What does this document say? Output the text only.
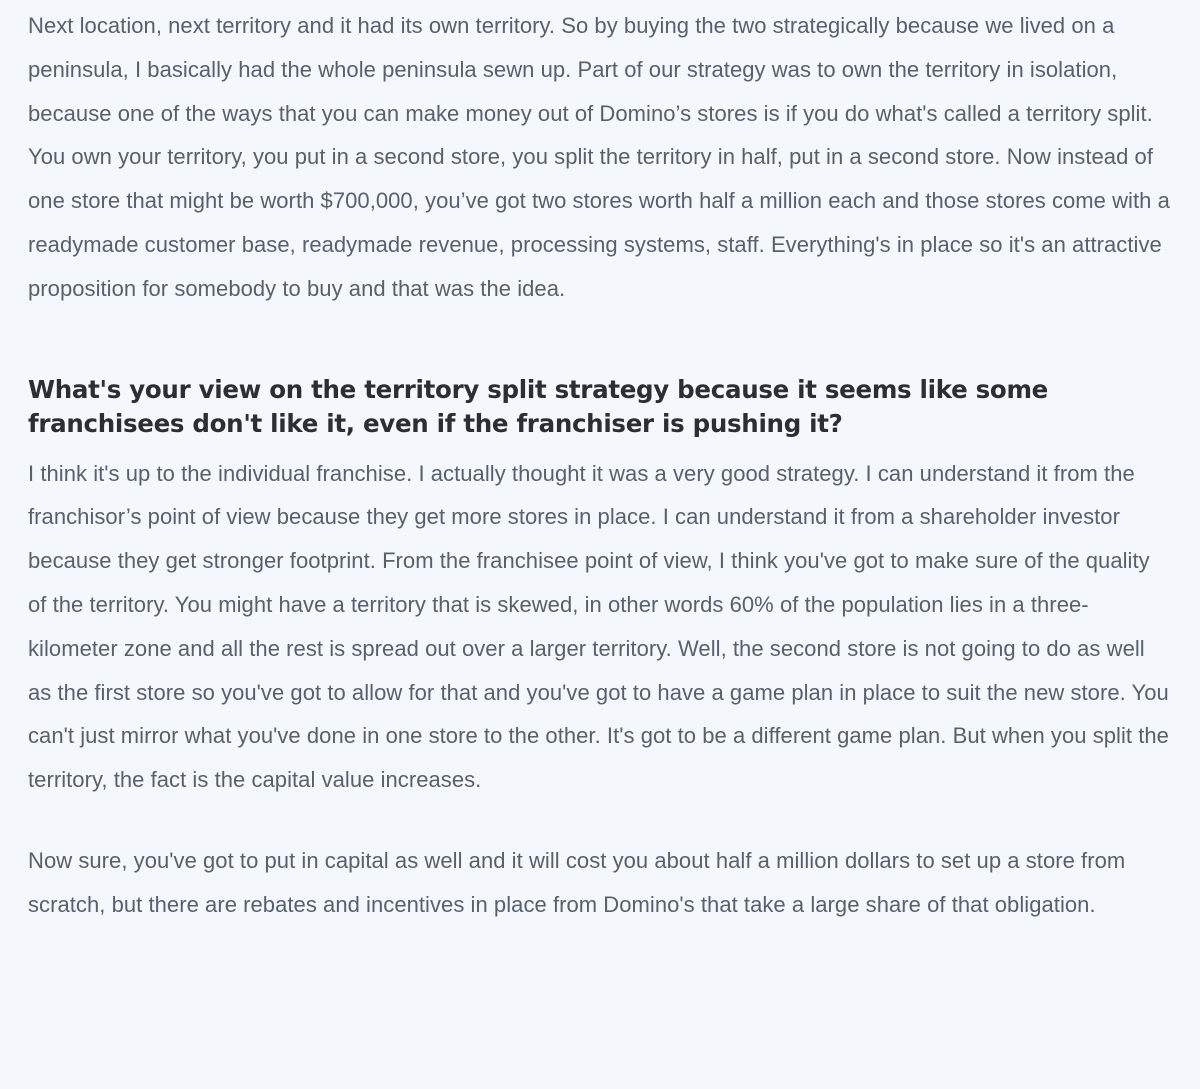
Next location, next territory and it had its own territory. So by buying the two strategically because we lived on a peninsula, I basically had the whole peninsula sewn up. Part of our strategy was to own the territory in isolation, because one of the ways that you can make money out of Domino’s stores is if you do what's called a territory split. You own your territory, you put in a second store, you split the territory in half, put in a second store. Now instead of one store that might be worth $700,000, you’ve got two stores worth half a million each and those stores come with a readymade customer base, readymade revenue, processing systems, staff. Everything's in place so it's an attractive proposition for somebody to buy and that was the idea.

What's your view on the territory split strategy because it seems like some franchisees don't like it, even if the franchiser is pushing it?

I think it's up to the individual franchise. I actually thought it was a very good strategy. I can understand it from the franchisor’s point of view because they get more stores in place. I can understand it from a shareholder investor because they get stronger footprint. From the franchisee point of view, I think you've got to make sure of the quality of the territory. You might have a territory that is skewed, in other words 60% of the population lies in a three-kilometer zone and all the rest is spread out over a larger territory. Well, the second store is not going to do as well as the first store so you've got to allow for that and you've got to have a game plan in place to suit the new store. You can't just mirror what you've done in one store to the other. It's got to be a different game plan. But when you split the territory, the fact is the capital value increases.

Now sure, you've got to put in capital as well and it will cost you about half a million dollars to set up a store from scratch, but there are rebates and incentives in place from Domino's that take a large share of that obligation.
